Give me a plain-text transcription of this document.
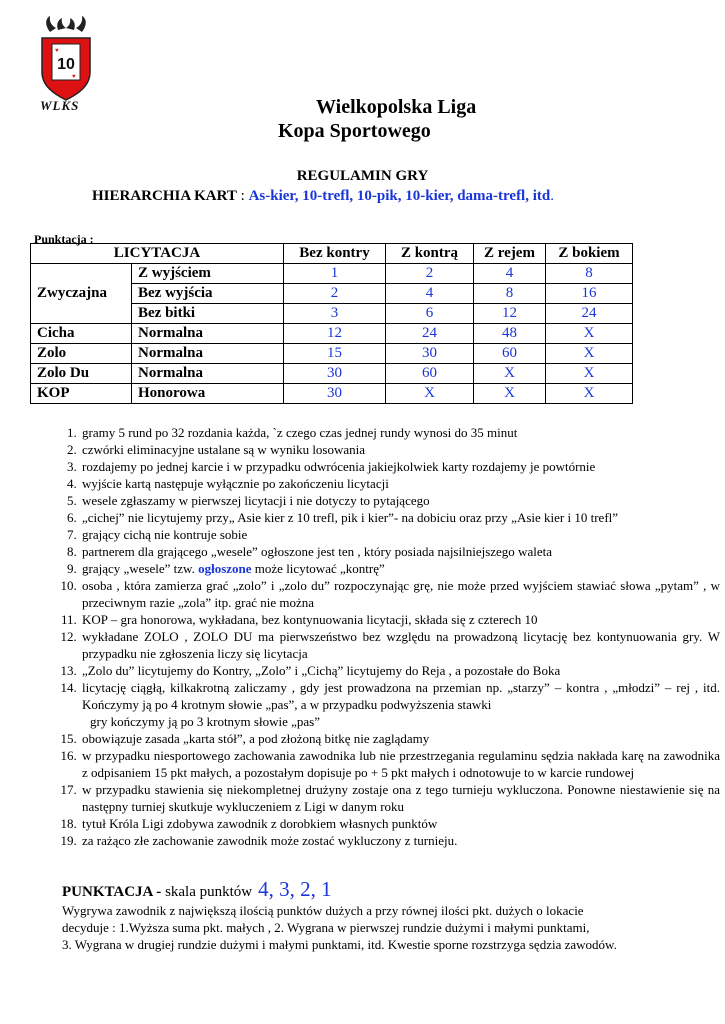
10
♥
♥
WLKS	Wielkopolska Liga
Kopa Sportowego
REGULAMIN GRY
HIERARCHIA KART : As-kier, 10-trefl, 10-pik, 10-kier, dama-trefl, itd.
Punktacja :
LICYTACJA		Bez kontry	Z kontrą	Z rejem	Z bokiem
Zwyczajna	Z wyjściem	1	2	4	8
	Bez wyjścia	2	4	8	16
	Bez bitki	3	6	12	24
Cicha	Normalna	12	24	48	X
Zolo	Normalna	15	30	60	X
Zolo Du	Normalna	30	60	X	X
KOP	Honorowa	30	X	X	X
1. gramy 5 rund po 32 rozdania każda, `z czego czas jednej rundy wynosi do 35 minut
2. czwórki eliminacyjne ustalane są w wyniku losowania
3. rozdajemy po jednej karcie i w przypadku odwrócenia jakiejkolwiek karty rozdajemy je powtórnie
4. wyjście kartą następuje wyłącznie po zakończeniu licytacji
5. wesele zgłaszamy w pierwszej licytacji i nie dotyczy to pytającego
6. „cichej” nie licytujemy przy„ Asie kier z 10 trefl, pik i kier”- na dobiciu oraz przy „Asie kier i 10 trefl”
7. grający cichą nie kontruje sobie
8. partnerem dla grającego „wesele” ogłoszone jest ten , który posiada najsilniejszego waleta
9. grający „wesele” tzw. ogłoszone może licytować „kontrę”
10. osoba , która zamierza grać „zolo” i „zolo du” rozpoczynając grę, nie może przed wyjściem stawiać słowa „pytam” , w przeciwnym razie „zola” itp. grać nie można
11. KOP – gra honorowa, wykładana, bez kontynuowania licytacji, składa się z czterech 10
12. wykładane ZOLO , ZOLO DU ma pierwszeństwo bez względu na prowadzoną licytację bez kontynuowania gry. W przypadku nie zgłoszenia liczy się licytacja
13. „Zolo du” licytujemy do Kontry, „Zolo” i „Cichą” licytujemy do Reja , a pozostałe do Boka
14. licytację ciągłą, kilkakrotną zaliczamy , gdy jest prowadzona na przemian np. „starzy” – kontra , „młodzi” – rej , itd. Kończymy ją po 4 krotnym słowie „pas”, a w przypadku podwyższenia stawki
gry kończymy ją po 3 krotnym słowie „pas”
15. obowiązuje zasada „karta stół”, a pod złożoną bitkę nie zaglądamy
16. w przypadku niesportowego zachowania zawodnika lub nie przestrzegania regulaminu sędzia nakłada karę na zawodnika z odpisaniem 15 pkt małych, a pozostałym dopisuje po + 5 pkt małych i odnotowuje to w karcie rundowej
17. w przypadku stawienia się niekompletnej drużyny zostaje ona z tego turnieju wykluczona. Ponowne niestawienie się na następny turniej skutkuje wykluczeniem z Ligi w danym roku
18. tytuł Króla Ligi zdobywa zawodnik z dorobkiem własnych punktów
19. za rażąco złe zachowanie zawodnik może zostać wykluczony z turnieju.
PUNKTACJA - skala punktów 4, 3, 2, 1
Wygrywa zawodnik z największą ilością punktów dużych a przy równej ilości pkt. dużych o lokacie
decyduje : 1.Wyższa suma pkt. małych , 2. Wygrana w pierwszej rundzie dużymi i małymi punktami,
3. Wygrana w drugiej rundzie dużymi i małymi punktami, itd. Kwestie sporne rozstrzyga sędzia zawodów.
